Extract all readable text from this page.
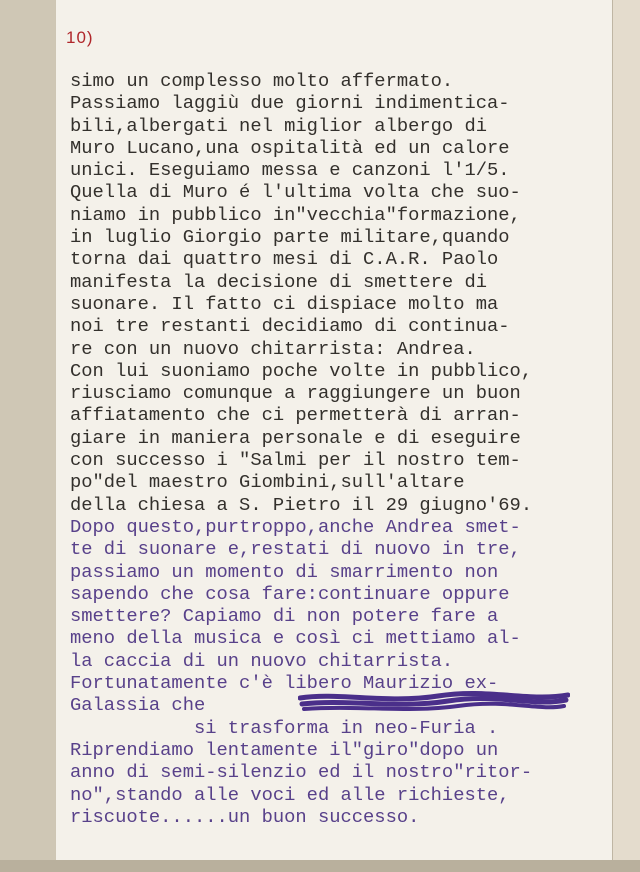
10)
simo un complesso molto affermato.
Passiamo laggiù due giorni indimentica-
bili,albergati nel miglior albergo di
Muro Lucano,una ospitalità ed un calore
unici. Eseguiamo messa e canzoni l'1/5.
Quella di Muro é l'ultima volta che suo-
niamo in pubblico in"vecchia"formazione,
in luglio Giorgio parte militare,quando
torna dai quattro mesi di C.A.R. Paolo
manifesta la decisione di smettere di
suonare. Il fatto ci dispiace molto ma
noi tre restanti decidiamo di continua-
re con un nuovo chitarrista: Andrea.
Con lui suoniamo poche volte in pubblico,
riusciamo comunque a raggiungere un buon
affiatamento che ci permetterà di arran-
giare in maniera personale e di eseguire
con successo i "Salmi per il nostro tem-
po"del maestro Giombini,sull'altare
della chiesa a S. Pietro il 29 giugno'69.
Dopo questo,purtroppo,anche Andrea smet-
te di suonare e,restati di nuovo in tre,
passiamo un momento di smarrimento non
sapendo che cosa fare:continuare oppure
smettere? Capiamo di non potere fare a
meno della musica e così ci mettiamo al-
la caccia di un nuovo chitarrista.
Fortunatamente c'è libero Maurizio ex-
Galassia che
si trasforma in neo-Furia .
Riprendiamo lentamente il"giro"dopo un
anno di semi-silenzio ed il nostro"ritor-
no",stando alle voci ed alle richieste,
riscuote......un buon successo.
